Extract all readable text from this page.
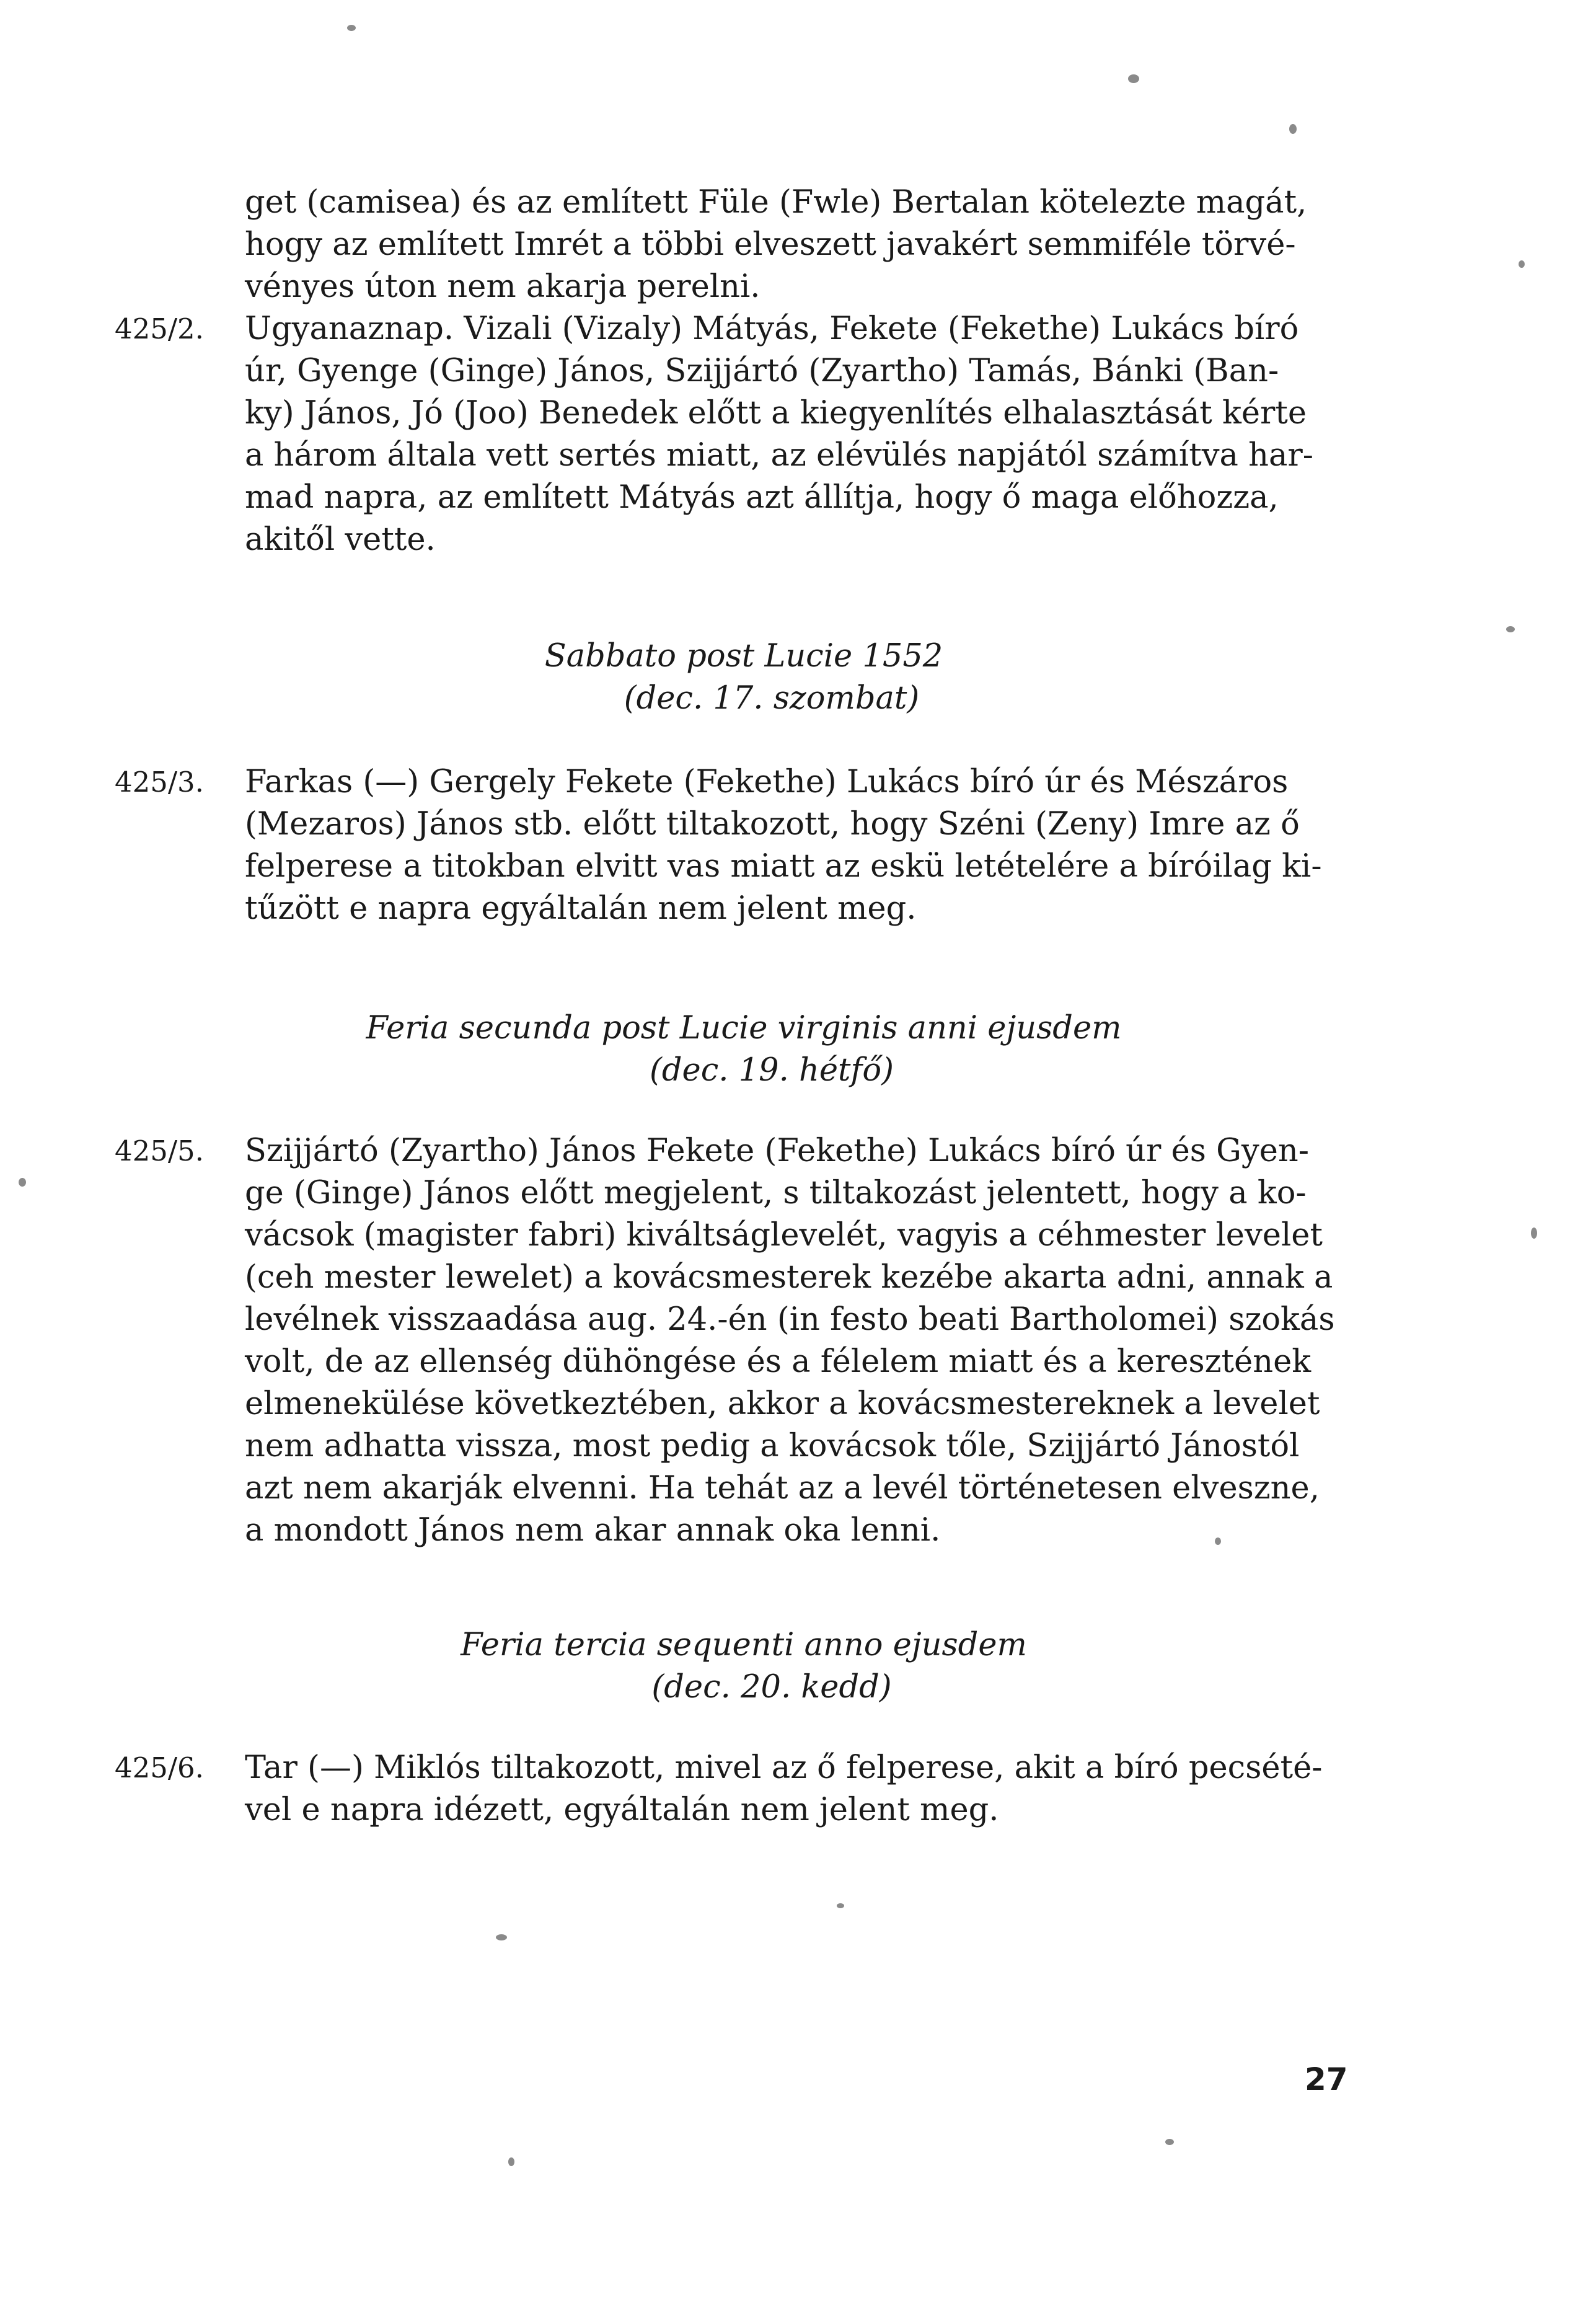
get (camisea) és az említett Füle (Fwle) Bertalan kötelezte magát,
hogy az említett Imrét a többi elveszett javakért semmiféle törvé-
vényes úton nem akarja perelni.
425/2.	Ugyanaznap. Vizali (Vizaly) Mátyás, Fekete (Fekethe) Lukács bíró
úr, Gyenge (Ginge) János, Szijjártó (Zyartho) Tamás, Bánki (Ban-
ky) János, Jó (Joo) Benedek előtt a kiegyenlítés elhalasztását kérte
a három általa vett sertés miatt, az elévülés napjától számítva har-
mad napra, az említett Mátyás azt állítja, hogy ő maga előhozza,
akitől vette.
Sabbato post Lucie 1552
(dec. 17. szombat)
425/3.	Farkas (—) Gergely Fekete (Fekethe) Lukács bíró úr és Mészáros
(Mezaros) János stb. előtt tiltakozott, hogy Széni (Zeny) Imre az ő
felperese a titokban elvitt vas miatt az eskü letételére a bíróilag ki-
tűzött e napra egyáltalán nem jelent meg.
Feria secunda post Lucie virginis anni ejusdem
(dec. 19. hétfő)
425/5.	Szijjártó (Zyartho) János Fekete (Fekethe) Lukács bíró úr és Gyen-
ge (Ginge) János előtt megjelent, s tiltakozást jelentett, hogy a ko-
vácsok (magister fabri) kiváltságlevelét, vagyis a céhmester levelet
(ceh mester lewelet) a kovácsmesterek kezébe akarta adni, annak a
levélnek visszaadása aug. 24.-én (in festo beati Bartholomei) szokás
volt, de az ellenség dühöngése és a félelem miatt és a keresztének
elmenekülése következtében, akkor a kovácsmestereknek a levelet
nem adhatta vissza, most pedig a kovácsok tőle, Szijjártó Jánostól
azt nem akarják elvenni. Ha tehát az a levél történetesen elveszne,
a mondott János nem akar annak oka lenni.
Feria tercia sequenti anno ejusdem
(dec. 20. kedd)
425/6.	Tar (—) Miklós tiltakozott, mivel az ő felperese, akit a bíró pecsété-
vel e napra idézett, egyáltalán nem jelent meg.
27
